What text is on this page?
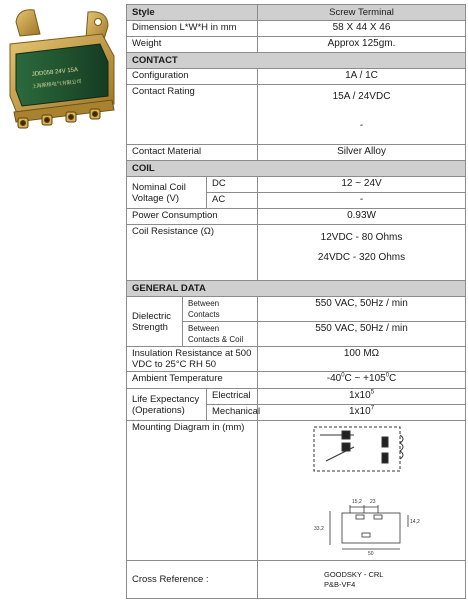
JDD058 24V 15A
上海斯格电气有限公司
Style			Screw Terminal
Dimension L*W*H in mm			58 X 44 X 46
Weight			Approx 125gm.
CONTACT			
Configuration			1A / 1C
Contact Rating			15A / 24VDC
-

Contact Material			Silver Alloy
COIL			
Nominal Coil Voltage (V)		DC	12 ~ 24V
		AC	-
Power Consumption			0.93W
Coil Resistance (Ω)			12VDC - 80 Ohms
24VDC - 320 Ohms

GENERAL DATA			
Dielectric Strength	Between Contacts		550 VAC, 50Hz / min
	Between Contacts & Coil		550 VAC, 50Hz / min
Insulation Resistance at 500 VDC to 25°C RH 50			100 MΩ
Ambient Temperature			$-40^0C$ ~ $+105^0C$
Life Expectancy (Operations)		Electrical	$1x10^5$
		Mechanical	$1x10^7$
Mounting Diagram in (mm)			15,2 23
14,2
33,2
50

Cross Reference :			GOODSKY - CRL
P&B-VF4
